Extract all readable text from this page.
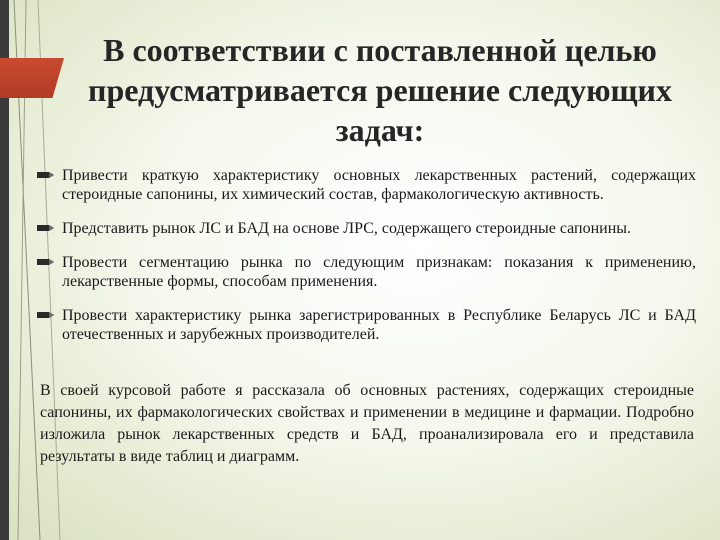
В соответствии с поставленной целью предусматривается решение следующих задач:
Привести краткую характеристику основных лекарственных растений, содержащих стероидные сапонины, их химический состав, фармакологическую активность.
Представить рынок ЛС и БАД на основе ЛРС, содержащего стероидные сапонины.
Провести сегментацию рынка по следующим признакам: показания к применению, лекарственные формы, способам применения.
Провести характеристику рынка зарегистрированных в Республике Беларусь ЛС и БАД отечественных и зарубежных производителей.

В своей курсовой работе я рассказала об основных растениях, содержащих стероидные сапонины, их фармакологических свойствах и применении в медицине и фармации. Подробно изложила рынок лекарственных средств и БАД, проанализировала его и представила результаты в виде таблиц и диаграмм.
